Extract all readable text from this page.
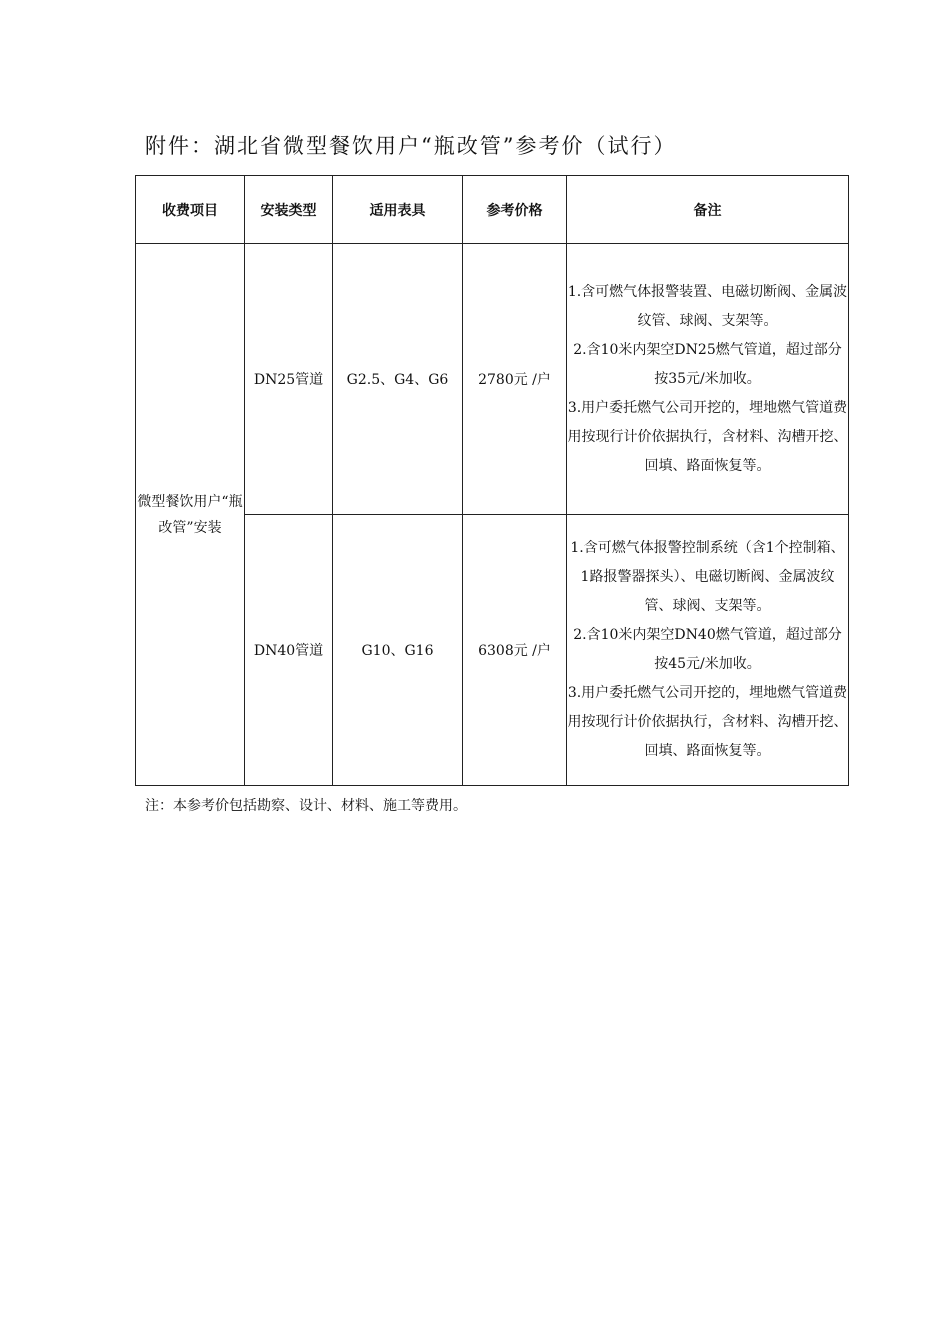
附件：湖北省微型餐饮用户“瓶改管”参考价（试行）
收费项目	安装类型	适用表具	参考价格	备注
微型餐饮用户“瓶改管”安装	DN25管道	G2.5、G4、G6	2780元 /户	1.含可燃气体报警装置、电磁切断阀、金属波纹管、球阀、支架等。

2.含10米内架空DN25燃气管道，超过部分按35元/米加收。

3.用户委托燃气公司开挖的，埋地燃气管道费用按现行计价依据执行，含材料、沟槽开挖、回填、路面恢复等。

	DN40管道	G10、G16	6308元 /户	1.含可燃气体报警控制系统（含1个控制箱、1路报警器探头）、电磁切断阀、金属波纹管、球阀、支架等。

2.含10米内架空DN40燃气管道，超过部分按45元/米加收。

3.用户委托燃气公司开挖的，埋地燃气管道费用按现行计价依据执行，含材料、沟槽开挖、回填、路面恢复等。

注：本参考价包括勘察、设计、材料、施工等费用。
